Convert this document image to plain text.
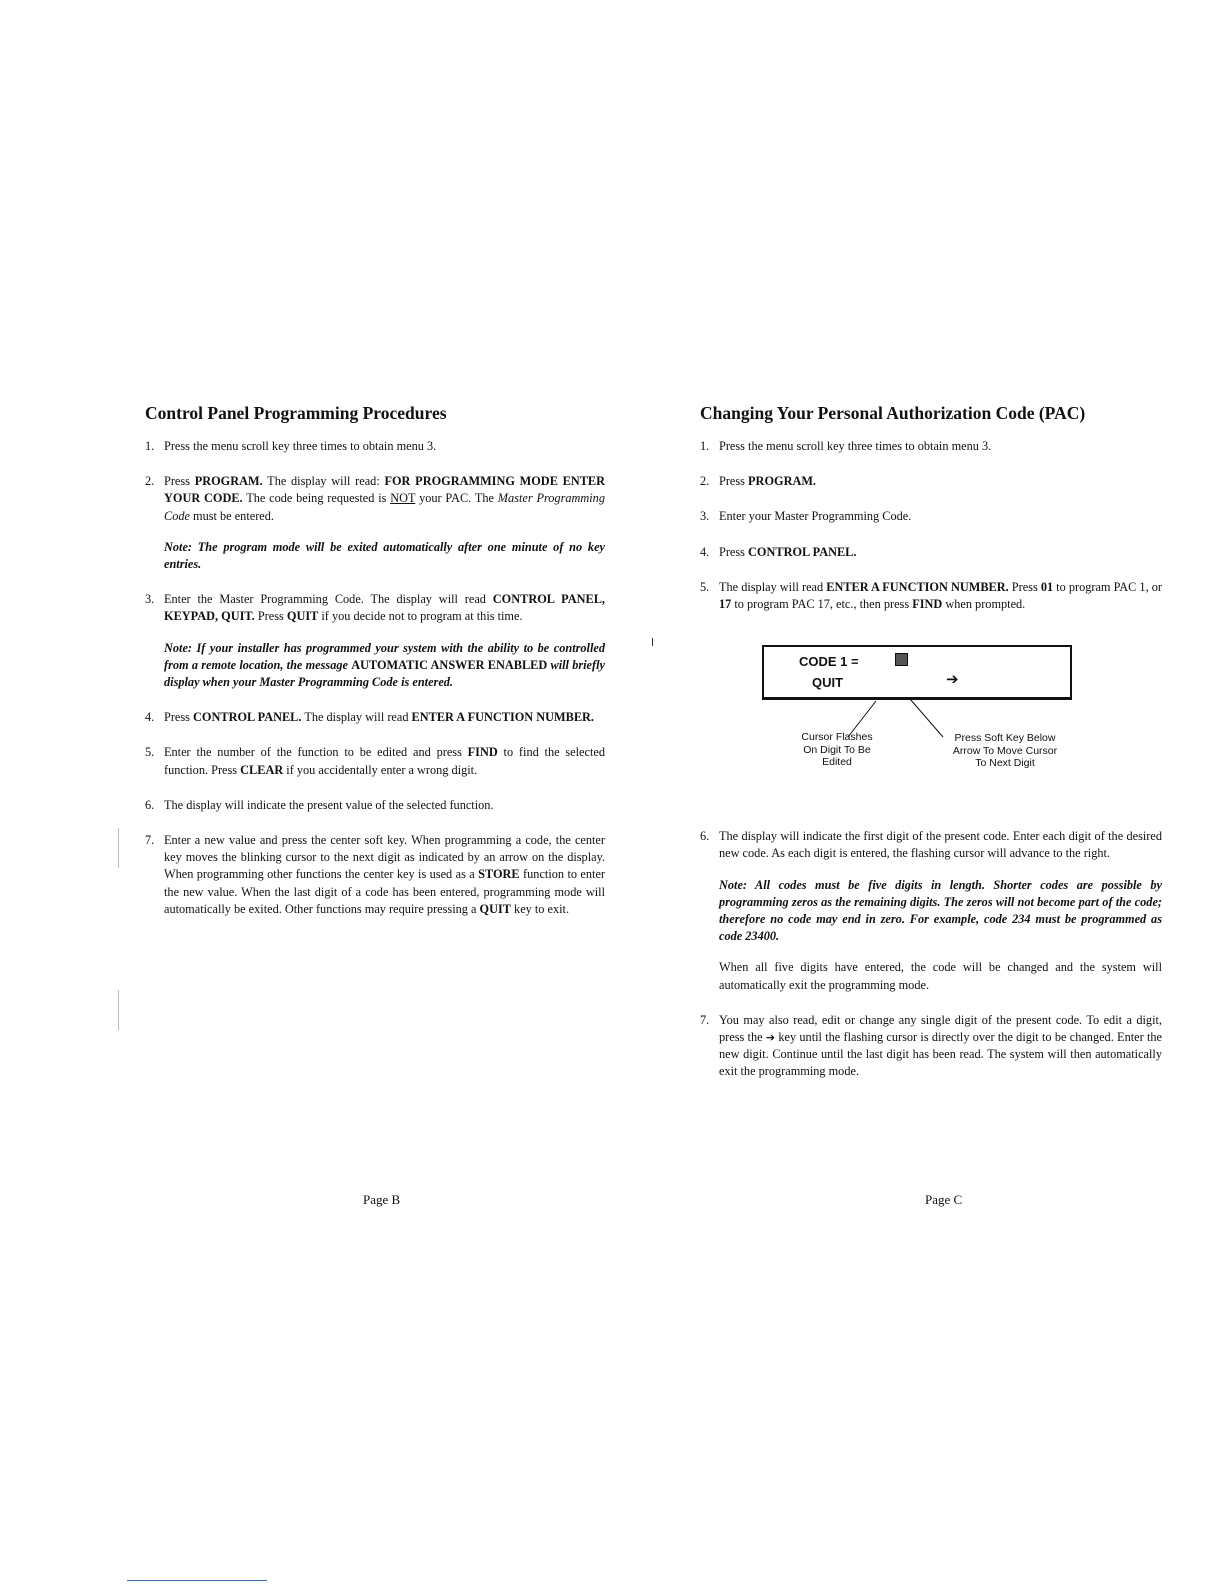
Control Panel Programming Procedures
1. Press the menu scroll key three times to obtain menu 3.
2. Press PROGRAM. The display will read: FOR PROGRAMMING MODE ENTER YOUR CODE. The code being requested is NOT your PAC. The Master Programming Code must be entered.
Note: The program mode will be exited automatically after one minute of no key entries.
3. Enter the Master Programming Code. The display will read CONTROL PANEL, KEYPAD, QUIT. Press QUIT if you decide not to program at this time.
Note: If your installer has programmed your system with the ability to be controlled from a remote location, the message AUTOMATIC ANSWER ENABLED will briefly display when your Master Programming Code is entered.
4. Press CONTROL PANEL. The display will read ENTER A FUNCTION NUMBER.
5. Enter the number of the function to be edited and press FIND to find the selected function. Press CLEAR if you accidentally enter a wrong digit.
6. The display will indicate the present value of the selected function.
7. Enter a new value and press the center soft key. When programming a code, the center key moves the blinking cursor to the next digit as indicated by an arrow on the display. When programming other functions the center key is used as a STORE function to enter the new value. When the last digit of a code has been entered, programming mode will automatically be exited. Other functions may require pressing a QUIT key to exit.
Changing Your Personal Authorization Code (PAC)
1. Press the menu scroll key three times to obtain menu 3.
2. Press PROGRAM.
3. Enter your Master Programming Code.
4. Press CONTROL PANEL.
5. The display will read ENTER A FUNCTION NUMBER. Press 01 to program PAC 1, or 17 to program PAC 17, etc., then press FIND when prompted.
CODE 1 =
QUIT	➔
Cursor Flashes
On Digit To Be
Edited
Press Soft Key Below
Arrow To Move Cursor
To Next Digit
6. The display will indicate the first digit of the present code. Enter each digit of the desired new code. As each digit is entered, the flashing cursor will advance to the right.
Note: All codes must be five digits in length. Shorter codes are possible by programming zeros as the remaining digits. The zeros will not become part of the code; therefore no code may end in zero. For example, code 234 must be programmed as code 23400.
When all five digits have entered, the code will be changed and the system will automatically exit the programming mode.
7. You may also read, edit or change any single digit of the present code. To edit a digit, press the ➔ key until the flashing cursor is directly over the digit to be changed. Enter the new digit. Continue until the last digit has been read. The system will then automatically exit the programming mode.
Page B	Page C
